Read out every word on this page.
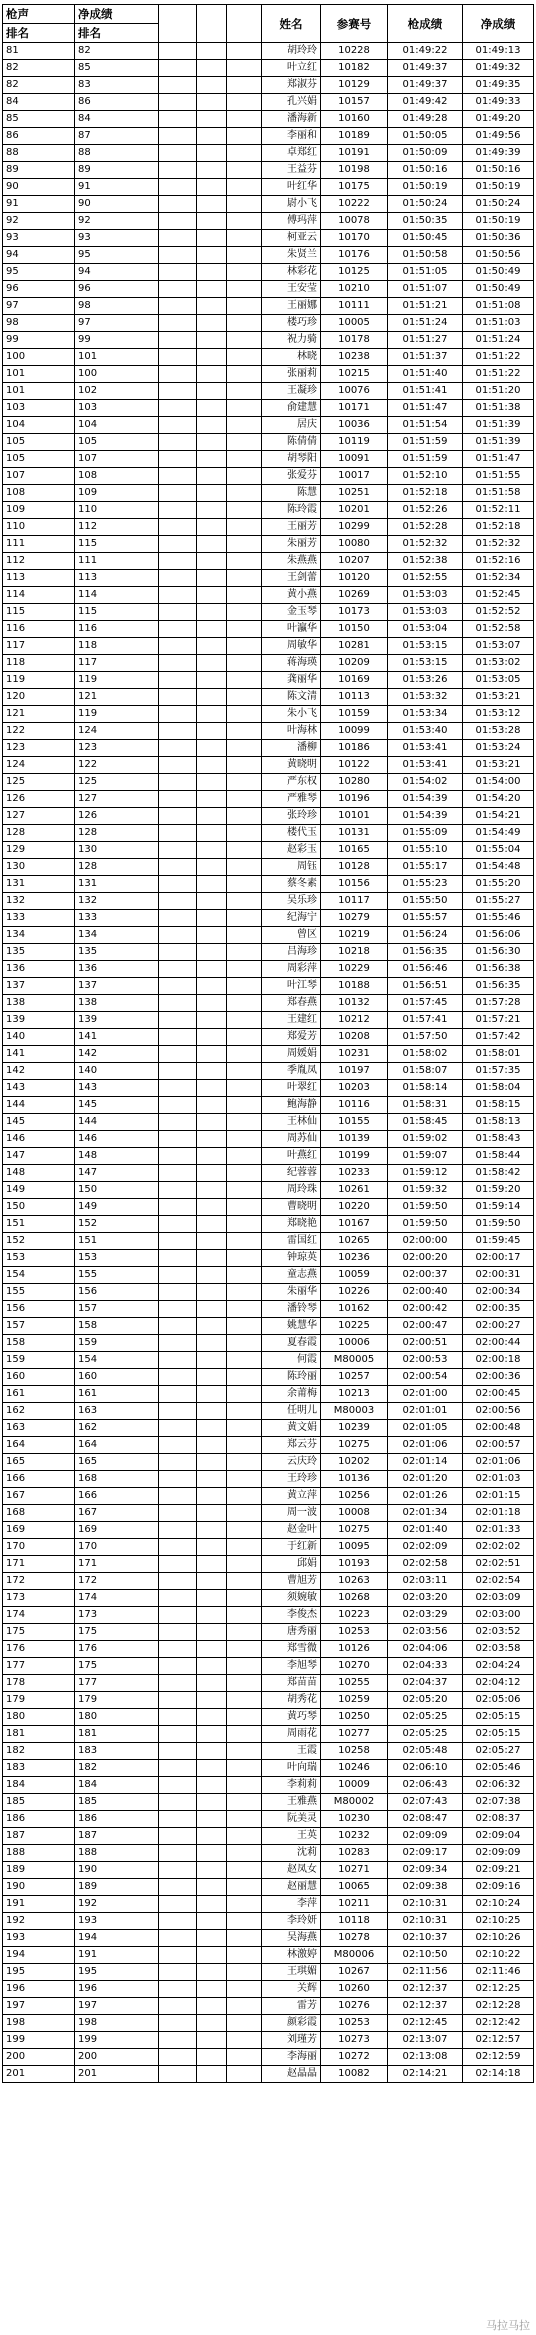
枪声	净成绩				姓名	参赛号	枪成绩	净成绩
排名	排名							
81	82				胡玲玲	10228	01:49:22	01:49:13
82	85				叶立红	10182	01:49:37	01:49:32
82	83				郑淑芬	10129	01:49:37	01:49:35
84	86				孔兴娟	10157	01:49:42	01:49:33
85	84				潘海新	10160	01:49:28	01:49:20
86	87				李丽和	10189	01:50:05	01:49:56
88	88				卓郑红	10191	01:50:09	01:49:39
89	89				王益芬	10198	01:50:16	01:50:16
90	91				叶红华	10175	01:50:19	01:50:19
91	90				尉小飞	10222	01:50:24	01:50:24
92	92				傅玛萍	10078	01:50:35	01:50:19
93	93				柯亚云	10170	01:50:45	01:50:36
94	95				朱贤兰	10176	01:50:58	01:50:56
95	94				林彩花	10125	01:51:05	01:50:49
96	96				王安莹	10210	01:51:07	01:50:49
97	98				王丽娜	10111	01:51:21	01:51:08
98	97				楼巧珍	10005	01:51:24	01:51:03
99	99				祝力骑	10178	01:51:27	01:51:24
100	101				林晓	10238	01:51:37	01:51:22
101	100				张丽莉	10215	01:51:40	01:51:22
101	102				王凝珍	10076	01:51:41	01:51:20
103	103				俞建慧	10171	01:51:47	01:51:38
104	104				居庆	10036	01:51:54	01:51:39
105	105				陈倩倩	10119	01:51:59	01:51:39
105	107				胡琴阳	10091	01:51:59	01:51:47
107	108				张爱芬	10017	01:52:10	01:51:55
108	109				陈慧	10251	01:52:18	01:51:58
109	110				陈玲霞	10201	01:52:26	01:52:11
110	112				王丽芳	10299	01:52:28	01:52:18
111	115				朱丽芳	10080	01:52:32	01:52:32
112	111				朱燕燕	10207	01:52:38	01:52:16
113	113				王剑蕾	10120	01:52:55	01:52:34
114	114				黄小燕	10269	01:53:03	01:52:45
115	115				金玉琴	10173	01:53:03	01:52:52
116	116				叶瀛华	10150	01:53:04	01:52:58
117	118				周敏华	10281	01:53:15	01:53:07
118	117				蒋海瑛	10209	01:53:15	01:53:02
119	119				龚丽华	10169	01:53:26	01:53:05
120	121				陈文清	10113	01:53:32	01:53:21
121	119				朱小飞	10159	01:53:34	01:53:12
122	124				叶海林	10099	01:53:40	01:53:28
123	123				潘柳	10186	01:53:41	01:53:24
124	122				黄晓明	10122	01:53:41	01:53:21
125	125				严东权	10280	01:54:02	01:54:00
126	127				严雅琴	10196	01:54:39	01:54:20
127	126				张玲珍	10101	01:54:39	01:54:21
128	128				楼代玉	10131	01:55:09	01:54:49
129	130				赵彩玉	10165	01:55:10	01:55:04
130	128				周钰	10128	01:55:17	01:54:48
131	131				蔡冬素	10156	01:55:23	01:55:20
132	132				吴乐珍	10117	01:55:50	01:55:27
133	133				纪海宁	10279	01:55:57	01:55:46
134	134				曾区	10219	01:56:24	01:56:06
135	135				吕海珍	10218	01:56:35	01:56:30
136	136				周彩萍	10229	01:56:46	01:56:38
137	137				叶江琴	10188	01:56:51	01:56:35
138	138				郑春燕	10132	01:57:45	01:57:28
139	139				王建红	10212	01:57:41	01:57:21
140	141				郑爱芳	10208	01:57:50	01:57:42
141	142				周媛娟	10231	01:58:02	01:58:01
142	140				季胤凤	10197	01:58:07	01:57:35
143	143				叶翠红	10203	01:58:14	01:58:04
144	145				鲍海静	10116	01:58:31	01:58:15
145	144				王林仙	10155	01:58:45	01:58:13
146	146				周苏仙	10139	01:59:02	01:58:43
147	148				叶燕红	10199	01:59:07	01:58:44
148	147				纪蓉蓉	10233	01:59:12	01:58:42
149	150				周玲珠	10261	01:59:32	01:59:20
150	149				曹晓明	10220	01:59:50	01:59:14
151	152				郑晓艳	10167	01:59:50	01:59:50
152	151				雷国红	10265	02:00:00	01:59:45
153	153				钟琼英	10236	02:00:20	02:00:17
154	155				童志燕	10059	02:00:37	02:00:31
155	156				朱丽华	10226	02:00:40	02:00:34
156	157				潘铃琴	10162	02:00:42	02:00:35
157	158				姚慧华	10225	02:00:47	02:00:27
158	159				夏春霞	10006	02:00:51	02:00:44
159	154				何霞	M80005	02:00:53	02:00:18
160	160				陈玲丽	10257	02:00:54	02:00:36
161	161				余莆梅	10213	02:01:00	02:00:45
162	163				任明儿	M80003	02:01:01	02:00:56
163	162				黄文娟	10239	02:01:05	02:00:48
164	164				郑云芬	10275	02:01:06	02:00:57
165	165				云庆玲	10202	02:01:14	02:01:06
166	168				王玲珍	10136	02:01:20	02:01:03
167	166				黄立萍	10256	02:01:26	02:01:15
168	167				周一波	10008	02:01:34	02:01:18
169	169				赵金叶	10275	02:01:40	02:01:33
170	170				于红新	10095	02:02:09	02:02:02
171	171				邱娟	10193	02:02:58	02:02:51
172	172				曹旭芳	10263	02:03:11	02:02:54
173	174				须婉敏	10268	02:03:20	02:03:09
174	173				李俊杰	10223	02:03:29	02:03:00
175	175				唐秀丽	10253	02:03:56	02:03:52
176	176				郑雪微	10126	02:04:06	02:03:58
177	175				李旭琴	10270	02:04:33	02:04:24
178	177				郑苗苗	10255	02:04:37	02:04:12
179	179				胡秀花	10259	02:05:20	02:05:06
180	180				黄巧琴	10250	02:05:25	02:05:15
181	181				周雨花	10277	02:05:25	02:05:15
182	183				王霞	10258	02:05:48	02:05:27
183	182				叶向瑞	10246	02:06:10	02:05:46
184	184				李莉莉	10009	02:06:43	02:06:32
185	185				王雅燕	M80002	02:07:43	02:07:38
186	186				阮美灵	10230	02:08:47	02:08:37
187	187				王英	10232	02:09:09	02:09:04
188	188				沈莉	10283	02:09:17	02:09:09
189	190				赵凤女	10271	02:09:34	02:09:21
190	189				赵丽慧	10065	02:09:38	02:09:16
191	192				李萍	10211	02:10:31	02:10:24
192	193				李玲妍	10118	02:10:31	02:10:25
193	194				吴海燕	10278	02:10:37	02:10:26
194	191				林激婷	M80006	02:10:50	02:10:22
195	195				王琪媚	10267	02:11:56	02:11:46
196	196				关辉	10260	02:12:37	02:12:25
197	197				雷芳	10276	02:12:37	02:12:28
198	198				颜彩霞	10253	02:12:45	02:12:42
199	199				刘瑾芳	10273	02:13:07	02:12:57
200	200				李海丽	10272	02:13:08	02:12:59
201	201				赵晶晶	10082	02:14:21	02:14:18
马拉马拉
